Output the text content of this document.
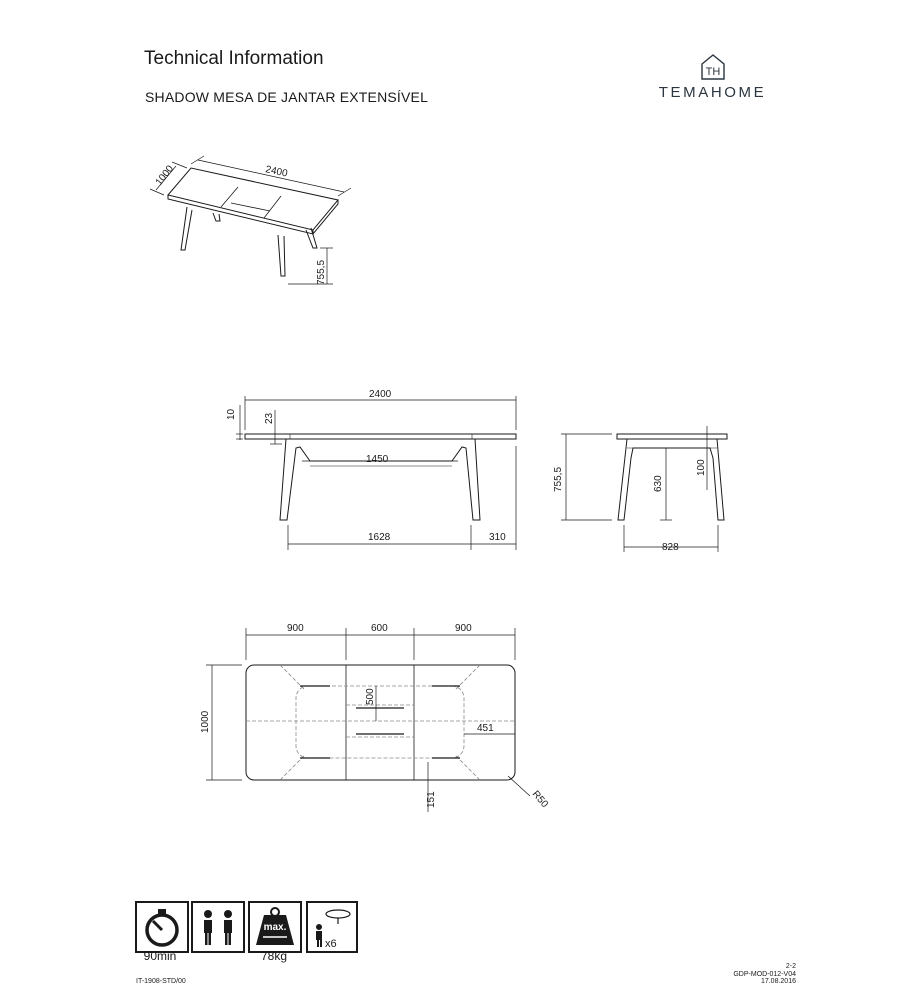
Technical Information
SHADOW MESA DE JANTAR EXTENSÍVEL
TH
TEMAHOME
2400
1000
755,5
2400
10	23
1450
1628	310
755,5	630
100
828
900	600	900
1000
500
451
151	R50
90min
max.
78kg
x6
IT-1908-STD/00
2-2
GDP-MOD-012-V04
17.08.2016
